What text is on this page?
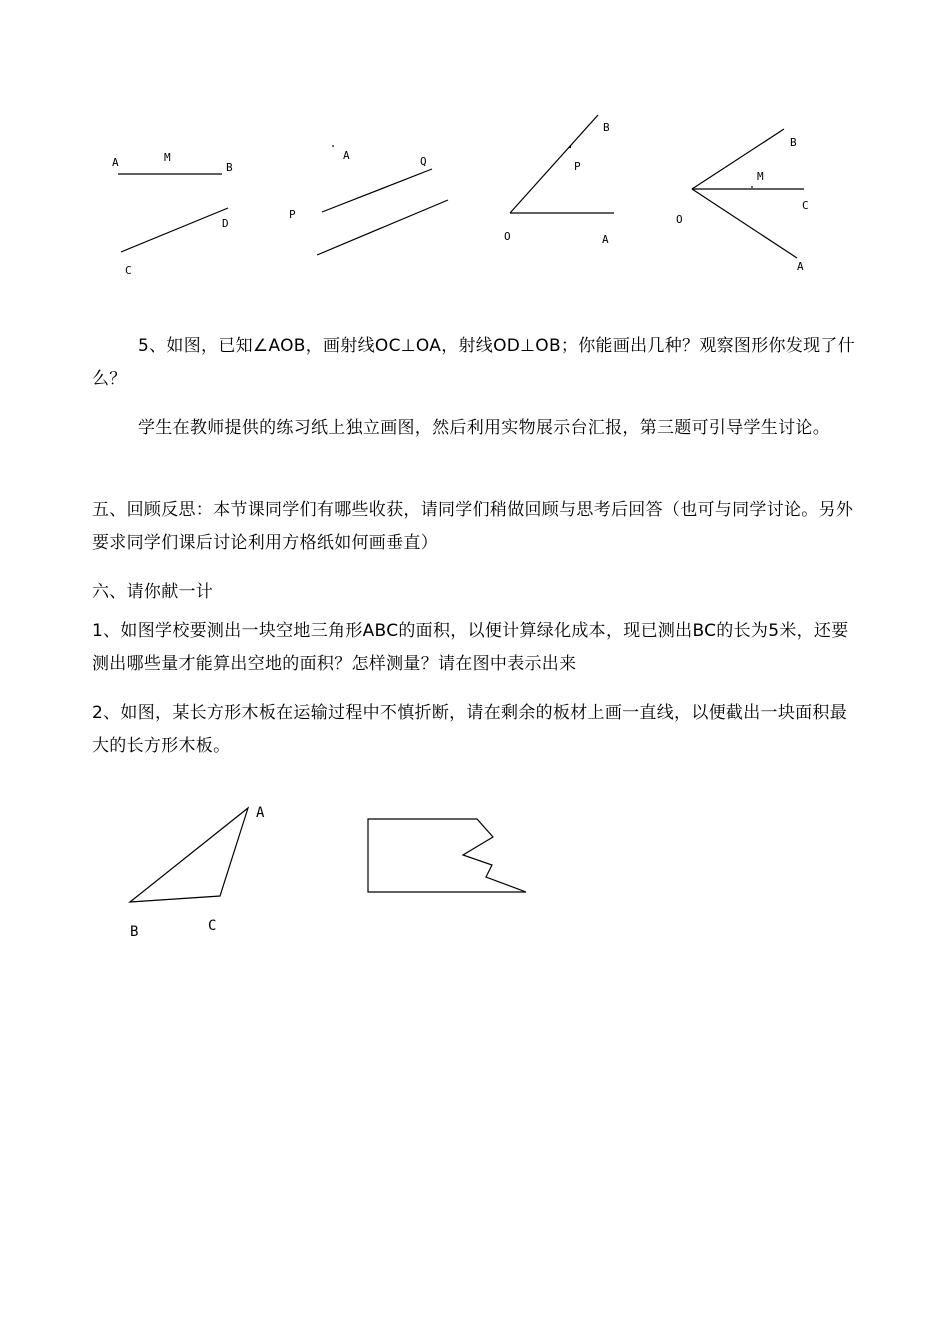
A	M
B
D
C
A	Q
P
B
P
O	A
B
M
C
O
A

5、如图，已知∠AOB，画射线OC⊥OA，射线OD⊥OB；你能画出几种？观察图形你发现了什么？

学生在教师提供的练习纸上独立画图，然后利用实物展示台汇报，第三题可引导学生讨论。

五、回顾反思：本节课同学们有哪些收获，请同学们稍做回顾与思考后回答（也可与同学讨论。另外要求同学们课后讨论利用方格纸如何画垂直）

六、请你献一计

1、如图学校要测出一块空地三角形ABC的面积，以便计算绿化成本，现已测出BC的长为5米，还要测出哪些量才能算出空地的面积？怎样测量？请在图中表示出来

2、如图，某长方形木板在运输过程中不慎折断，请在剩余的板材上画一直线，以便截出一块面积最大的长方形木板。

A
B	C
